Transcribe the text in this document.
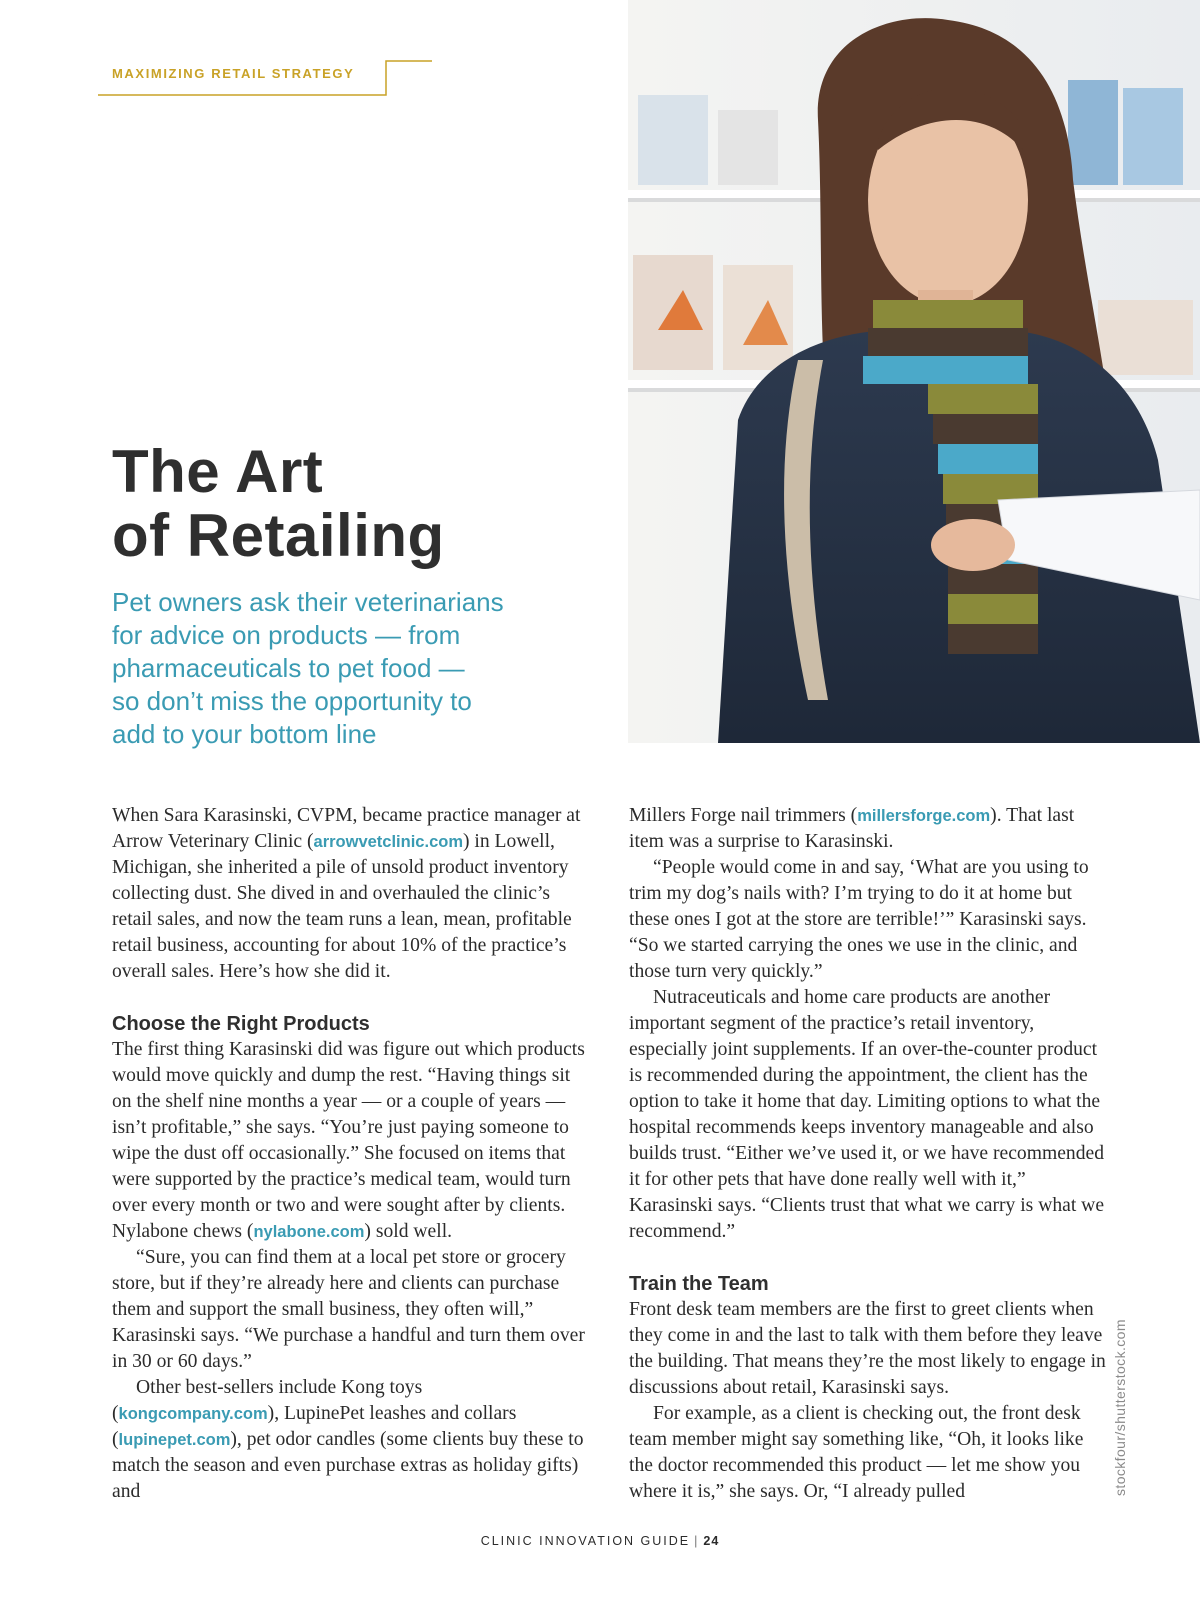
MAXIMIZING RETAIL STRATEGY
The Art
of Retailing
Pet owners ask their veterinarians
for advice on products — from
pharmaceuticals to pet food —
so don’t miss the opportunity to
add to your bottom line

When Sara Karasinski, CVPM, became practice manager at Arrow Veterinary Clinic (arrowvetclinic.com) in Lowell, Michigan, she inherited a pile of unsold product inventory collecting dust. She dived in and overhauled the clinic’s retail sales, and now the team runs a lean, mean, profitable retail business, accounting for about 10% of the practice’s overall sales. Here’s how she did it.

Choose the Right Products

The first thing Karasinski did was figure out which products would move quickly and dump the rest. “Having things sit on the shelf nine months a year — or a couple of years — isn’t profitable,” she says. “You’re just paying someone to wipe the dust off occasionally.” She focused on items that were supported by the practice’s medical team, would turn over every month or two and were sought after by clients. Nylabone chews (nylabone.com) sold well.

“Sure, you can find them at a local pet store or grocery store, but if they’re already here and clients can purchase them and support the small business, they often will,” Karasinski says. “We purchase a handful and turn them over in 30 or 60 days.”

Other best-sellers include Kong toys (kongcompany.com), LupinePet leashes and collars (lupinepet.com), pet odor candles (some clients buy these to match the season and even purchase extras as holiday gifts) and

Millers Forge nail trimmers (millersforge.com). That last item was a surprise to Karasinski.

“People would come in and say, ‘What are you using to trim my dog’s nails with? I’m trying to do it at home but these ones I got at the store are terrible!’” Karasinski says. “So we started carrying the ones we use in the clinic, and those turn very quickly.”

Nutraceuticals and home care products are another important segment of the practice’s retail inventory, especially joint supplements. If an over-the-counter product is recommended during the appointment, the client has the option to take it home that day. Limiting options to what the hospital recommends keeps inventory manageable and also builds trust. “Either we’ve used it, or we have recommended it for other pets that have done really well with it,” Karasinski says. “Clients trust that what we carry is what we recommend.”

Train the Team

Front desk team members are the first to greet clients when they come in and the last to talk with them before they leave the building. That means they’re the most likely to engage in discussions about retail, Karasinski says.

For example, as a client is checking out, the front desk team member might say something like, “Oh, it looks like the doctor recommended this product — let me show you where it is,” she says. Or, “I already pulled	stockfour/shutterstock.com
CLINIC INNOVATION GUIDE | 24
